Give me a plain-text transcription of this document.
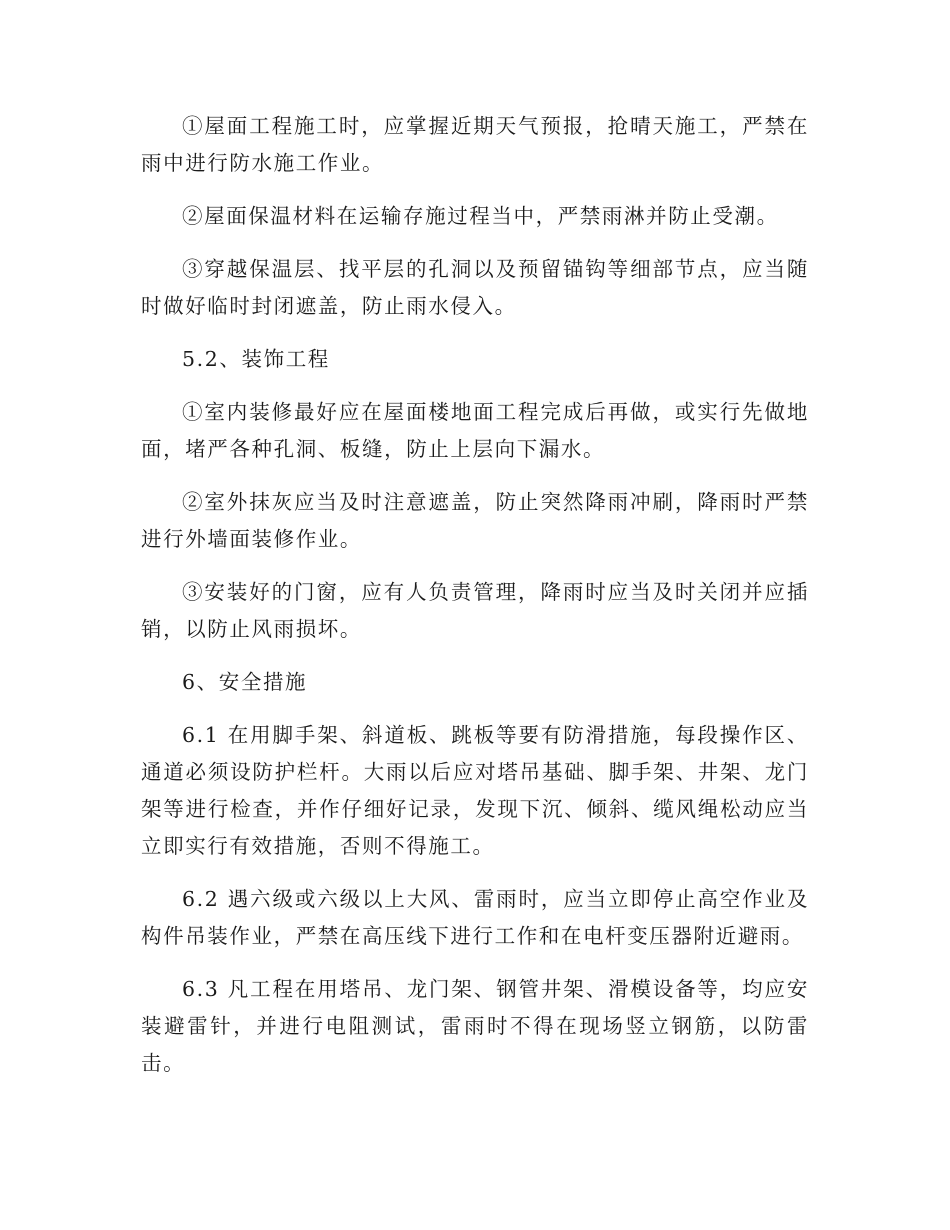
①屋面工程施工时，应掌握近期天气预报，抢晴天施工，严禁在雨中进行防水施工作业。

②屋面保温材料在运输存施过程当中，严禁雨淋并防止受潮。

③穿越保温层、找平层的孔洞以及预留锚钩等细部节点，应当随时做好临时封闭遮盖，防止雨水侵入。

5.2、装饰工程

①室内装修最好应在屋面楼地面工程完成后再做，或实行先做地面，堵严各种孔洞、板缝，防止上层向下漏水。

②室外抹灰应当及时注意遮盖，防止突然降雨冲刷，降雨时严禁进行外墙面装修作业。

③安装好的门窗，应有人负责管理，降雨时应当及时关闭并应插销，以防止风雨损坏。

6、安全措施

6.1 在用脚手架、斜道板、跳板等要有防滑措施，每段操作区、通道必须设防护栏杆。大雨以后应对塔吊基础、脚手架、井架、龙门架等进行检查，并作仔细好记录，发现下沉、倾斜、缆风绳松动应当立即实行有效措施，否则不得施工。

6.2 遇六级或六级以上大风、雷雨时，应当立即停止高空作业及构件吊装作业，严禁在高压线下进行工作和在电杆变压器附近避雨。

6.3 凡工程在用塔吊、龙门架、钢管井架、滑模设备等，均应安装避雷针，并进行电阻测试，雷雨时不得在现场竖立钢筋，以防雷击。
